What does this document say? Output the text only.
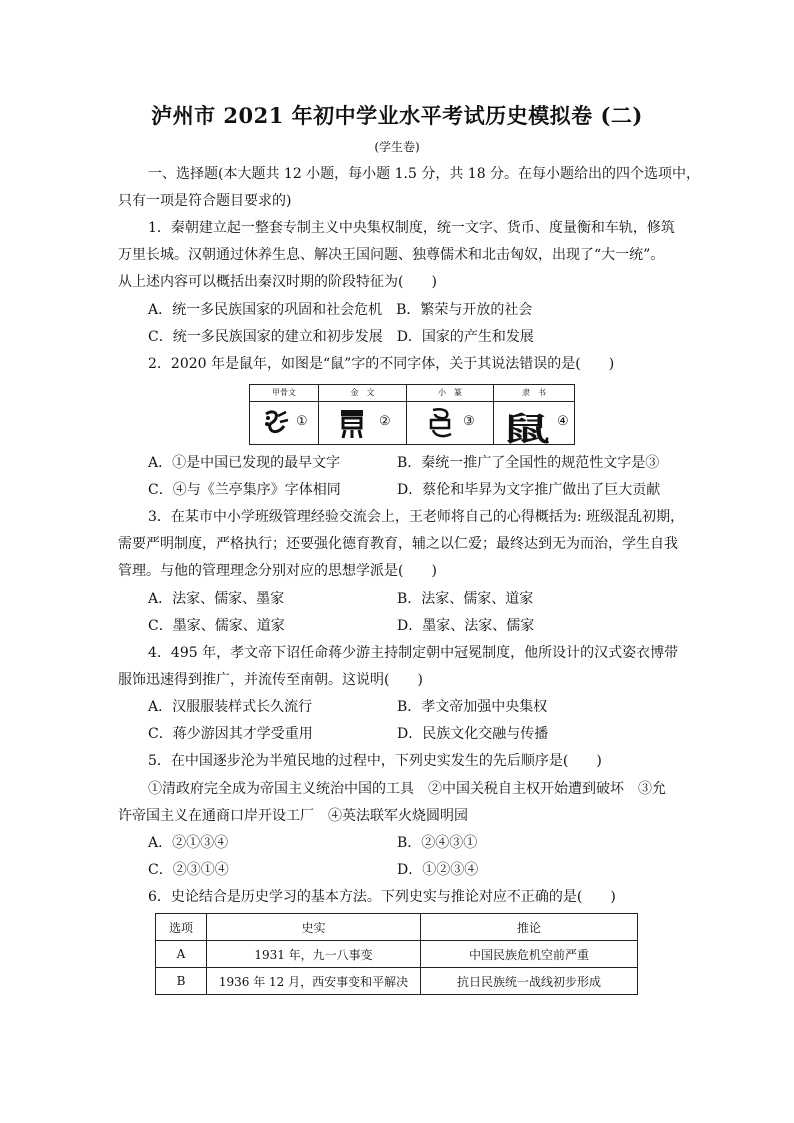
泸州市 2021 年初中学业水平考试历史模拟卷 (二)
(学生卷)
一、选择题(本大题共 12 小题，每小题 1.5 分，共 18 分。在每小题给出的四个选项中，
只有一项是符合题目要求的)
1．秦朝建立起一整套专制主义中央集权制度，统一文字、货币、度量衡和车轨，修筑
万里长城。汉朝通过休养生息、解决王国问题、独尊儒术和北击匈奴，出现了“大一统”。
从上述内容可以概括出秦汉时期的阶段特征为(　　)
A．统一多民族国家的巩固和社会危机　B．繁荣与开放的社会
C．统一多民族国家的建立和初步发展　D．国家的产生和发展
2．2020 年是鼠年，如图是“鼠”字的不同字体，关于其说法错误的是(　　)
甲骨文	金　文	小　篆	隶　书
①	②	③ 鼠 ④
A．①是中国已发现的最早文字	B．秦统一推广了全国性的规范性文字是③
C．④与《兰亭集序》字体相同	D．蔡伦和毕昇为文字推广做出了巨大贡献
3．在某市中小学班级管理经验交流会上，王老师将自己的心得概括为: 班级混乱初期，
需要严明制度，严格执行；还要强化德育教育，辅之以仁爱；最终达到无为而治，学生自我
管理。与他的管理理念分别对应的思想学派是(　　)
A．法家、儒家、墨家	B．法家、儒家、道家
C．墨家、儒家、道家	D．墨家、法家、儒家
4．495 年，孝文帝下诏任命蒋少游主持制定朝中冠冕制度，他所设计的汉式姿衣博带
服饰迅速得到推广，并流传至南朝。这说明(　　)
A．汉服服装样式长久流行	B．孝文帝加强中央集权
C．蒋少游因其才学受重用	D．民族文化交融与传播
5．在中国逐步沦为半殖民地的过程中，下列史实发生的先后顺序是(　　)
①清政府完全成为帝国主义统治中国的工具　②中国关税自主权开始遭到破坏　③允
许帝国主义在通商口岸开设工厂　④英法联军火烧圆明园
A．②①③④	B．②④③①
C．②③①④	D．①②③④
6．史论结合是历史学习的基本方法。下列史实与推论对应不正确的是(　　)
选项	史实	推论
A	1931 年，九一八事变	中国民族危机空前严重
B	1936 年 12 月，西安事变和平解决	抗日民族统一战线初步形成
